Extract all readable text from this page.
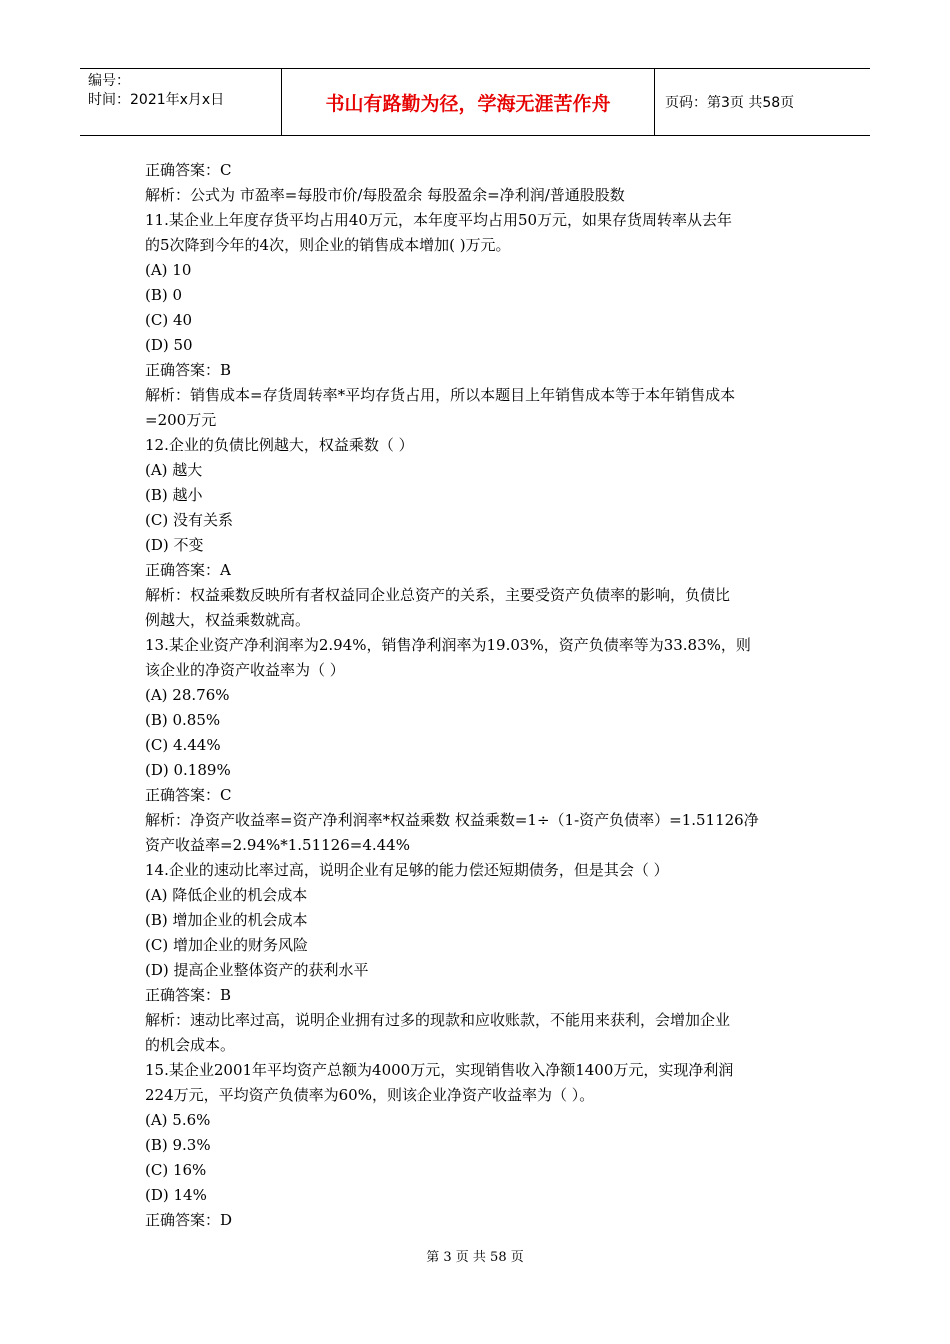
编号：
时间：2021年x月x日	书山有路勤为径，学海无涯苦作舟	页码：第3页 共58页
正确答案：C
解析：公式为 市盈率=每股市价/每股盈余 每股盈余=净利润/普通股股数
11.某企业上年度存货平均占用40万元，本年度平均占用50万元，如果存货周转率从去年
的5次降到今年的4次，则企业的销售成本增加( )万元。
(A) 10
(B) 0
(C) 40
(D) 50
正确答案：B
解析：销售成本=存货周转率*平均存货占用，所以本题目上年销售成本等于本年销售成本
=200万元
12.企业的负债比例越大，权益乘数（ ）
(A) 越大
(B) 越小
(C) 没有关系
(D) 不变
正确答案：A
解析：权益乘数反映所有者权益同企业总资产的关系，主要受资产负债率的影响，负债比
例越大，权益乘数就高。
13.某企业资产净利润率为2.94%，销售净利润率为19.03%，资产负债率等为33.83%，则
该企业的净资产收益率为（ ）
(A) 28.76%
(B) 0.85%
(C) 4.44%
(D) 0.189%
正确答案：C
解析：净资产收益率=资产净利润率*权益乘数 权益乘数=1÷（1-资产负债率）=1.51126净
资产收益率=2.94%*1.51126=4.44%
14.企业的速动比率过高，说明企业有足够的能力偿还短期债务，但是其会（ ）
(A) 降低企业的机会成本
(B) 增加企业的机会成本
(C) 增加企业的财务风险
(D) 提高企业整体资产的获利水平
正确答案：B
解析：速动比率过高，说明企业拥有过多的现款和应收账款，不能用来获利，会增加企业
的机会成本。
15.某企业2001年平均资产总额为4000万元，实现销售收入净额1400万元，实现净利润
224万元，平均资产负债率为60%，则该企业净资产收益率为（ ）。
(A) 5.6%
(B) 9.3%
(C) 16%
(D) 14%
正确答案：D
第 3 页 共 58 页
